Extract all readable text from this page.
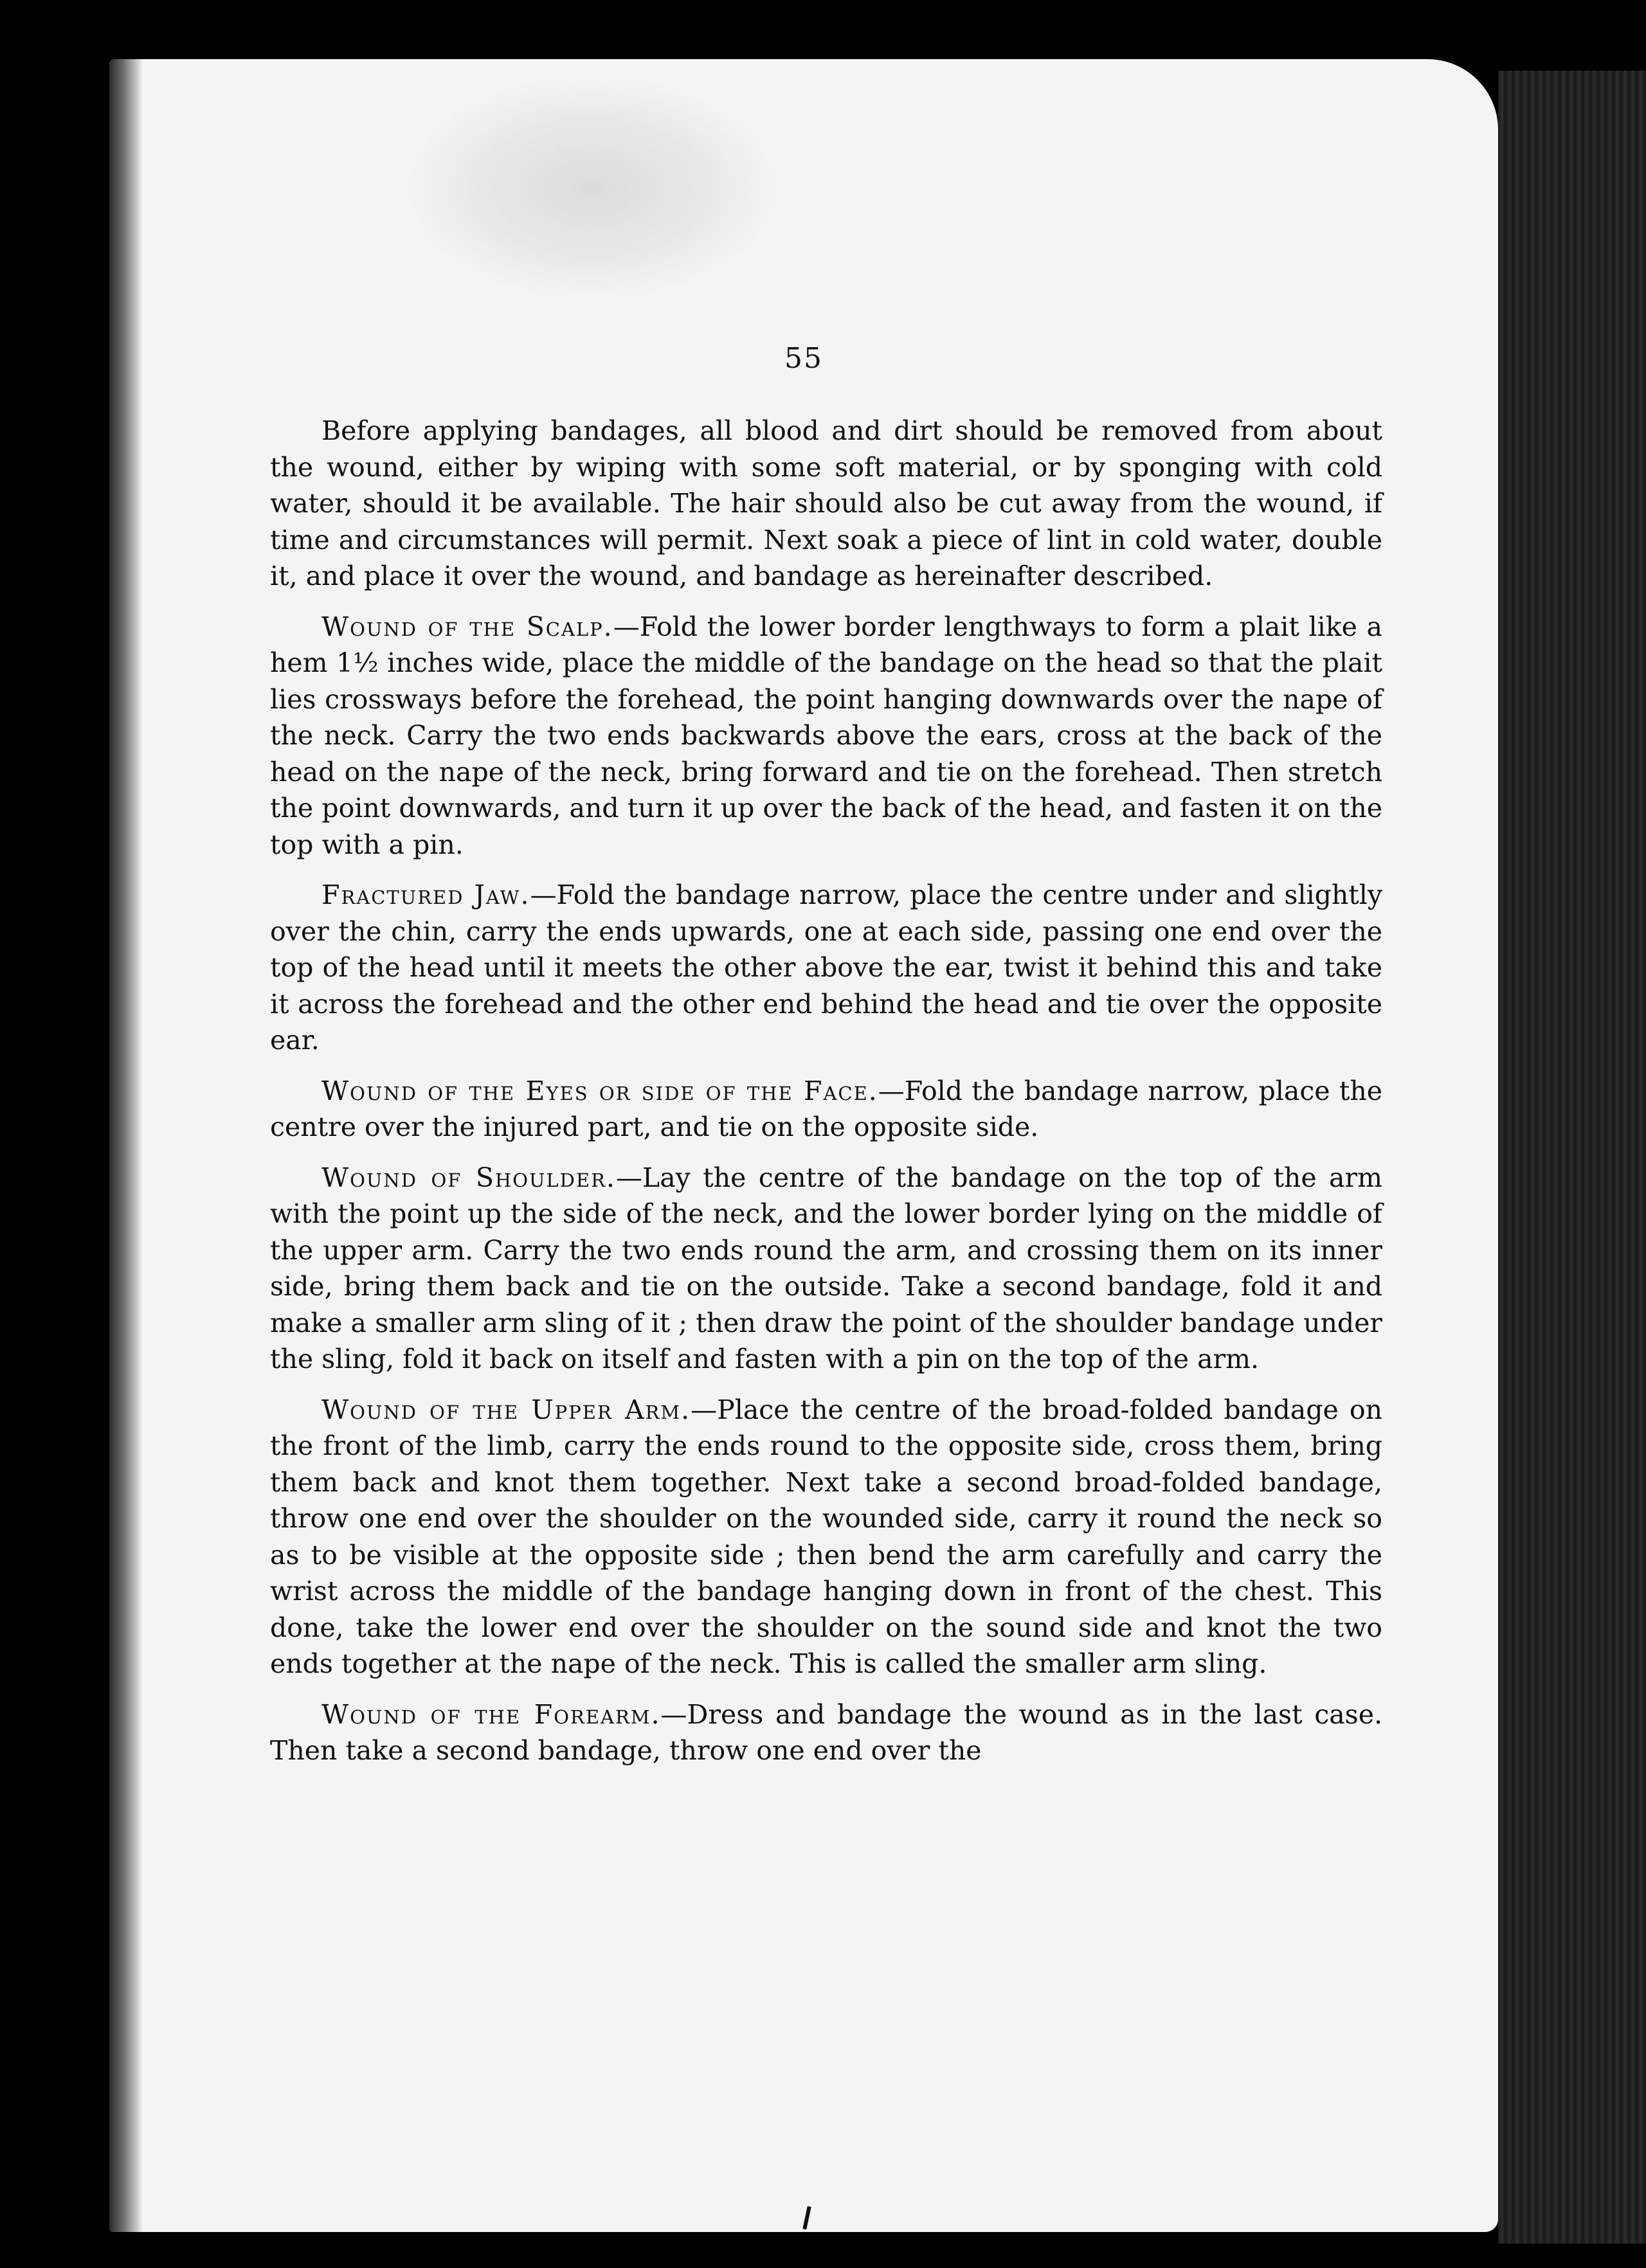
55

Before applying bandages, all blood and dirt should be removed from about the wound, either by wiping with some soft material, or by sponging with cold water, should it be available. The hair should also be cut away from the wound, if time and circumstances will permit. Next soak a piece of lint in cold water, double it, and place it over the wound, and bandage as hereinafter described.

Wound of the Scalp.—Fold the lower border lengthways to form a plait like a hem 1½ inches wide, place the middle of the bandage on the head so that the plait lies crossways before the forehead, the point hanging downwards over the nape of the neck. Carry the two ends backwards above the ears, cross at the back of the head on the nape of the neck, bring forward and tie on the forehead. Then stretch the point downwards, and turn it up over the back of the head, and fasten it on the top with a pin.

Fractured Jaw.—Fold the bandage narrow, place the centre under and slightly over the chin, carry the ends upwards, one at each side, passing one end over the top of the head until it meets the other above the ear, twist it behind this and take it across the forehead and the other end behind the head and tie over the opposite ear.

Wound of the Eyes or side of the Face.—Fold the bandage narrow, place the centre over the injured part, and tie on the opposite side.

Wound of Shoulder.—Lay the centre of the bandage on the top of the arm with the point up the side of the neck, and the lower border lying on the middle of the upper arm. Carry the two ends round the arm, and crossing them on its inner side, bring them back and tie on the outside. Take a second bandage, fold it and make a smaller arm sling of it ; then draw the point of the shoulder bandage under the sling, fold it back on itself and fasten with a pin on the top of the arm.

Wound of the Upper Arm.—Place the centre of the broad-folded bandage on the front of the limb, carry the ends round to the opposite side, cross them, bring them back and knot them together. Next take a second broad-folded bandage, throw one end over the shoulder on the wounded side, carry it round the neck so as to be visible at the opposite side ; then bend the arm carefully and carry the wrist across the middle of the bandage hanging down in front of the chest. This done, take the lower end over the shoulder on the sound side and knot the two ends together at the nape of the neck. This is called the smaller arm sling.

Wound of the Forearm.—Dress and bandage the wound as in the last case. Then take a second bandage, throw one end over the
